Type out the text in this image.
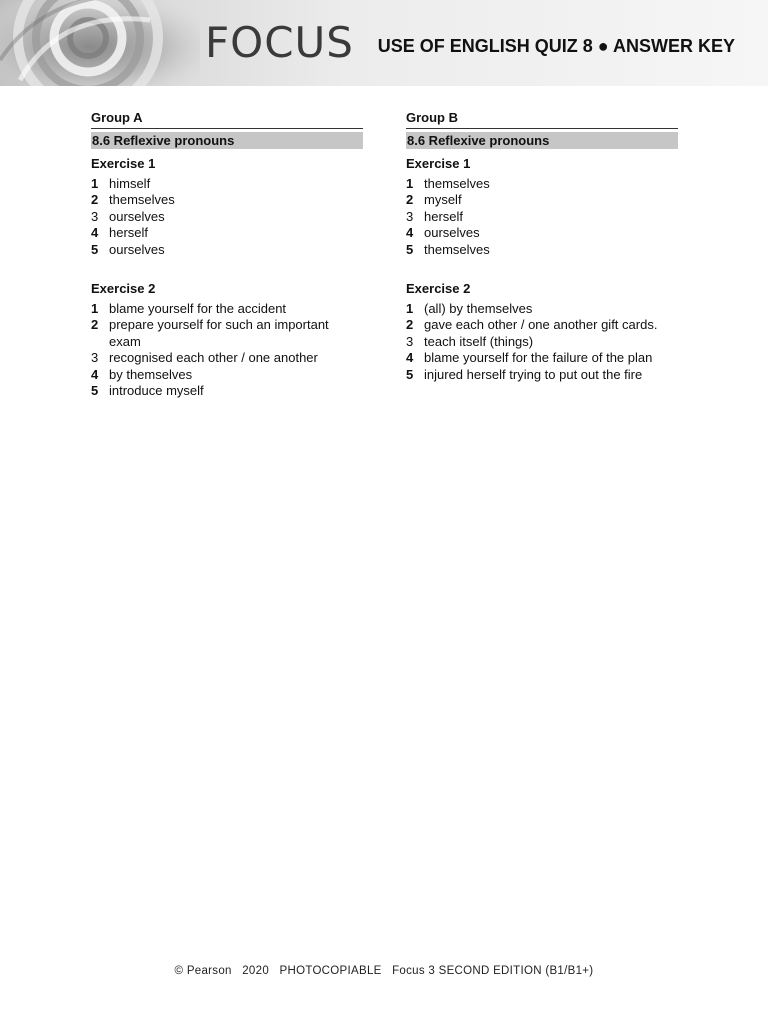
FOCUS USE OF ENGLISH QUIZ 8 ● ANSWER KEY
Group A
8.6 Reflexive pronouns
Exercise 1
1 himself
2 themselves
3 ourselves
4 herself
5 ourselves
Exercise 2
1 blame yourself for the accident
2 prepare yourself for such an important exam
3 recognised each other / one another
4 by themselves
5 introduce myself
Group B
8.6 Reflexive pronouns
Exercise 1
1 themselves
2 myself
3 herself
4 ourselves
5 themselves
Exercise 2
1 (all) by themselves
2 gave each other / one another gift cards.
3 teach itself (things)
4 blame yourself for the failure of the plan
5 injured herself trying to put out the fire
© Pearson   2020   PHOTOCOPIABLE   Focus 3 SECOND EDITION (B1/B1+)
